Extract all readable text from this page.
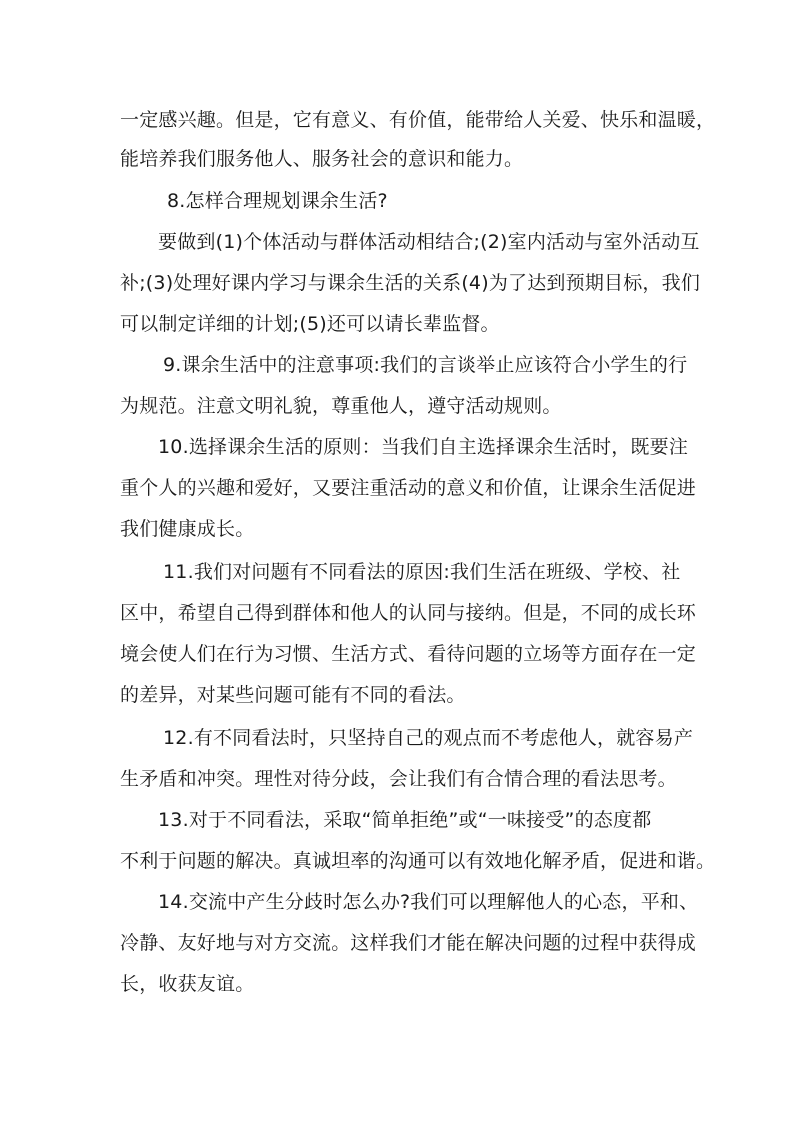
一定感兴趣。但是，它有意义、有价值，能带给人关爱、快乐和温暖，
能培养我们服务他人、服务社会的意识和能力。
8.怎样合理规划课余生活?
要做到(1)个体活动与群体活动相结合;(2)室内活动与室外活动互
补;(3)处理好课内学习与课余生活的关系(4)为了达到预期目标，我们
可以制定详细的计划;(5)还可以请长辈监督。
9.课余生活中的注意事项:我们的言谈举止应该符合小学生的行
为规范。注意文明礼貌，尊重他人，遵守活动规则。
10.选择课余生活的原则：当我们自主选择课余生活时，既要注
重个人的兴趣和爱好，又要注重活动的意义和价值，让课余生活促进
我们健康成长。
11.我们对问题有不同看法的原因:我们生活在班级、学校、社
区中，希望自己得到群体和他人的认同与接纳。但是，不同的成长环
境会使人们在行为习惯、生活方式、看待问题的立场等方面存在一定
的差异，对某些问题可能有不同的看法。
12.有不同看法时，只坚持自己的观点而不考虑他人，就容易产
生矛盾和冲突。理性对待分歧，会让我们有合情合理的看法思考。
13.对于不同看法，采取“简单拒绝”或“一味接受”的态度都
不利于问题的解决。真诚坦率的沟通可以有效地化解矛盾，促进和谐。
14.交流中产生分歧时怎么办?我们可以理解他人的心态，平和、
冷静、友好地与对方交流。这样我们才能在解决问题的过程中获得成
长，收获友谊。
